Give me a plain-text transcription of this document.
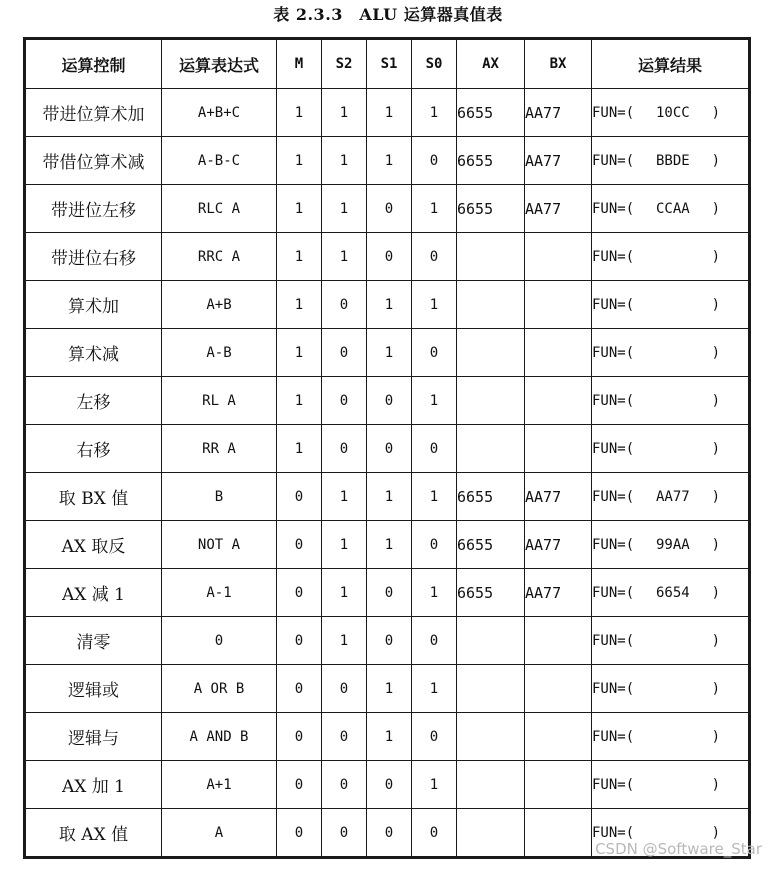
表 2.3.3　ALU 运算器真值表
运算控制	运算表达式	M	S2	S1	S0	AX	BX	运算结果
带进位算术加	A+B+C	1	1	1	1	6655	AA77	FUN=( 10CC )

带借位算术减	A-B-C	1	1	1	0	6655	AA77	FUN=( BBDE )

带进位左移	RLC A	1	1	0	1	6655	AA77	FUN=( CCAA )

带进位右移	RRC A	1	1	0	0			FUN=( )

算术加	A+B	1	0	1	1			FUN=( )

算术减	A-B	1	0	1	0			FUN=( )

左移	RL A	1	0	0	1			FUN=( )

右移	RR A	1	0	0	0			FUN=( )

取 BX 值	B	0	1	1	1	6655	AA77	FUN=( AA77 )

AX 取反	NOT A	0	1	1	0	6655	AA77	FUN=( 99AA )

AX 减 1	A-1	0	1	0	1	6655	AA77	FUN=( 6654 )

清零	0	0	1	0	0			FUN=( )

逻辑或	A OR B	0	0	1	1			FUN=( )

逻辑与	A AND B	0	0	1	0			FUN=( )

AX 加 1	A+1	0	0	0	1			FUN=( )

取 AX 值	A	0	0	0	0			FUN=( )
CSDN @Software_Star
